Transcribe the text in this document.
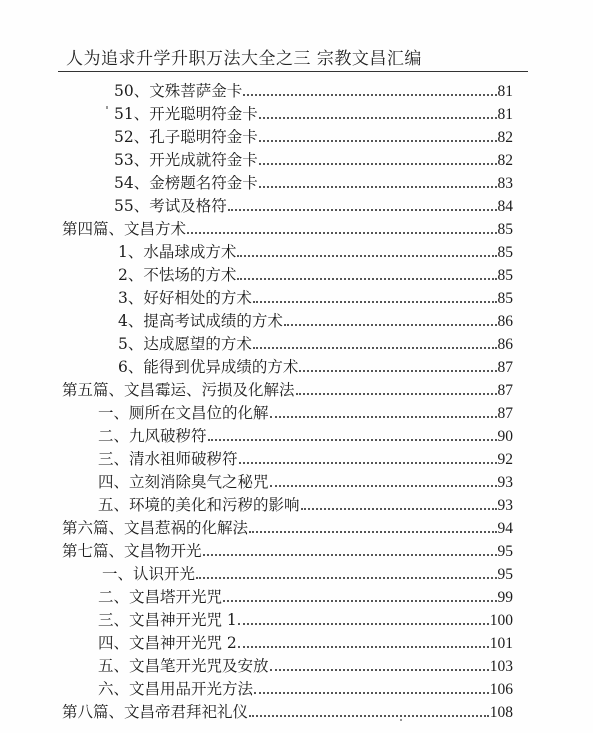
人为追求升学升职万法大全之三 宗教文昌汇编
50、文殊菩萨金卡	81
51、开光聪明符金卡	81
52、孔子聪明符金卡	82
53、开光成就符金卡	82
54、金榜题名符金卡	83
55、考试及格符	84
第四篇、文昌方术	85
1、水晶球成方术	85
2、不怯场的方术	85
3、好好相处的方术	85
4、提高考试成绩的方术	86
5、达成愿望的方术	86
6、能得到优异成绩的方术	87
第五篇、文昌霉运、污损及化解法	87
一、厕所在文昌位的化解	87
二、九风破秽符	90
三、清水祖师破秽符	92
四、立刻消除臭气之秘咒	93
五、环境的美化和污秽的影响	93
第六篇、文昌惹祸的化解法	94
第七篇、文昌物开光	95
一、认识开光	95
二、文昌塔开光咒	99
三、文昌神开光咒 1	100
四、文昌神开光咒 2	101
五、文昌笔开光咒及安放	103
六、文昌用品开光方法	106
第八篇、文昌帝君拜祀礼仪	108
